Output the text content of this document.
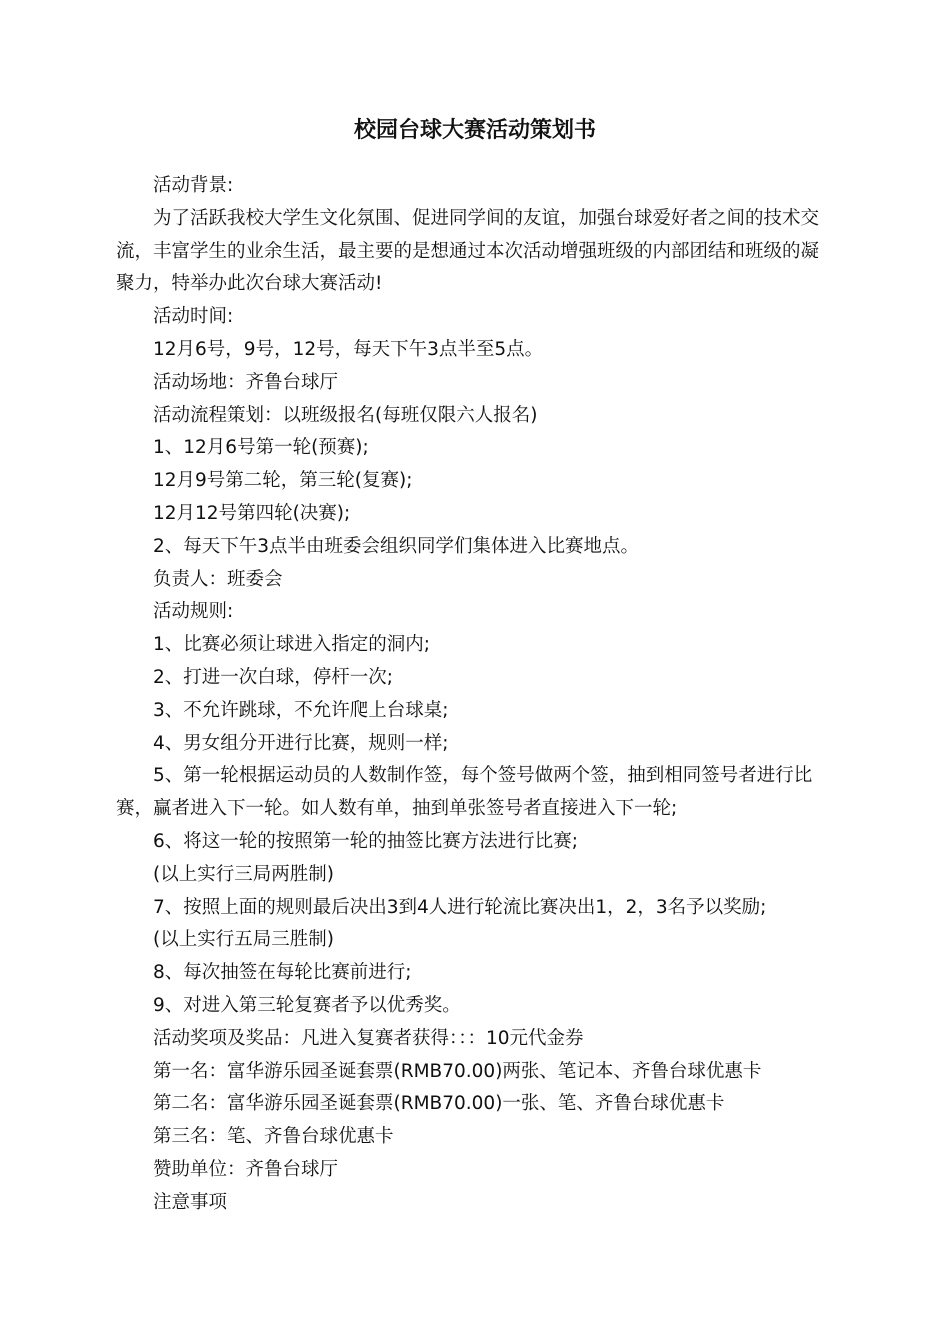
校园台球大赛活动策划书

活动背景:

为了活跃我校大学生文化氛围、促进同学间的友谊，加强台球爱好者之间的技术交流，丰富学生的业余生活，最主要的是想通过本次活动增强班级的内部团结和班级的凝聚力，特举办此次台球大赛活动!

活动时间:

12月6号，9号，12号，每天下午3点半至5点。

活动场地：齐鲁台球厅

活动流程策划：以班级报名(每班仅限六人报名)

1、12月6号第一轮(预赛);

12月9号第二轮，第三轮(复赛);

12月12号第四轮(决赛);

2、每天下午3点半由班委会组织同学们集体进入比赛地点。

负责人：班委会

活动规则:

1、比赛必须让球进入指定的洞内;

2、打进一次白球，停杆一次;

3、不允许跳球，不允许爬上台球桌;

4、男女组分开进行比赛，规则一样;

5、第一轮根据运动员的人数制作签，每个签号做两个签，抽到相同签号者进行比赛，赢者进入下一轮。如人数有单，抽到单张签号者直接进入下一轮;

6、将这一轮的按照第一轮的抽签比赛方法进行比赛;

(以上实行三局两胜制)

7、按照上面的规则最后决出3到4人进行轮流比赛决出1，2，3名予以奖励;

(以上实行五局三胜制)

8、每次抽签在每轮比赛前进行;

9、对进入第三轮复赛者予以优秀奖。

活动奖项及奖品：凡进入复赛者获得：：：10元代金券

第一名：富华游乐园圣诞套票(RMB70.00)两张、笔记本、齐鲁台球优惠卡

第二名：富华游乐园圣诞套票(RMB70.00)一张、笔、齐鲁台球优惠卡

第三名：笔、齐鲁台球优惠卡

赞助单位：齐鲁台球厅

注意事项
